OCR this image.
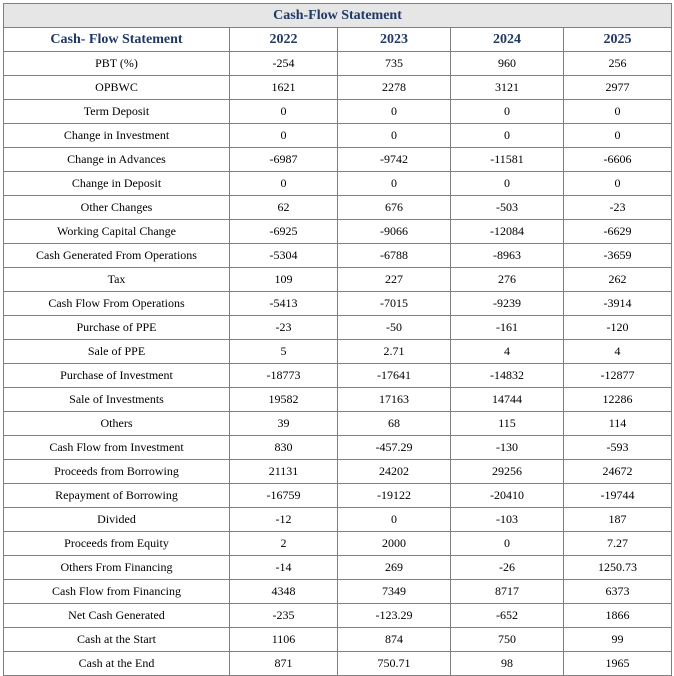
Cash-Flow Statement				
Cash- Flow Statement	2022	2023	2024	2025
PBT (%)	-254	735	960	256
OPBWC	1621	2278	3121	2977
Term Deposit	0	0	0	0
Change in Investment	0	0	0	0
Change in Advances	-6987	-9742	-11581	-6606
Change in Deposit	0	0	0	0
Other Changes	62	676	-503	-23
Working Capital Change	-6925	-9066	-12084	-6629
Cash Generated From Operations	-5304	-6788	-8963	-3659
Tax	109	227	276	262
Cash Flow From Operations	-5413	-7015	-9239	-3914
Purchase of PPE	-23	-50	-161	-120
Sale of PPE	5	2.71	4	4
Purchase of Investment	-18773	-17641	-14832	-12877
Sale of Investments	19582	17163	14744	12286
Others	39	68	115	114
Cash Flow from Investment	830	-457.29	-130	-593
Proceeds from Borrowing	21131	24202	29256	24672
Repayment of Borrowing	-16759	-19122	-20410	-19744
Divided	-12	0	-103	187
Proceeds from Equity	2	2000	0	7.27
Others From Financing	-14	269	-26	1250.73
Cash Flow from Financing	4348	7349	8717	6373
Net Cash Generated	-235	-123.29	-652	1866
Cash at the Start	1106	874	750	99
Cash at the End	871	750.71	98	1965
